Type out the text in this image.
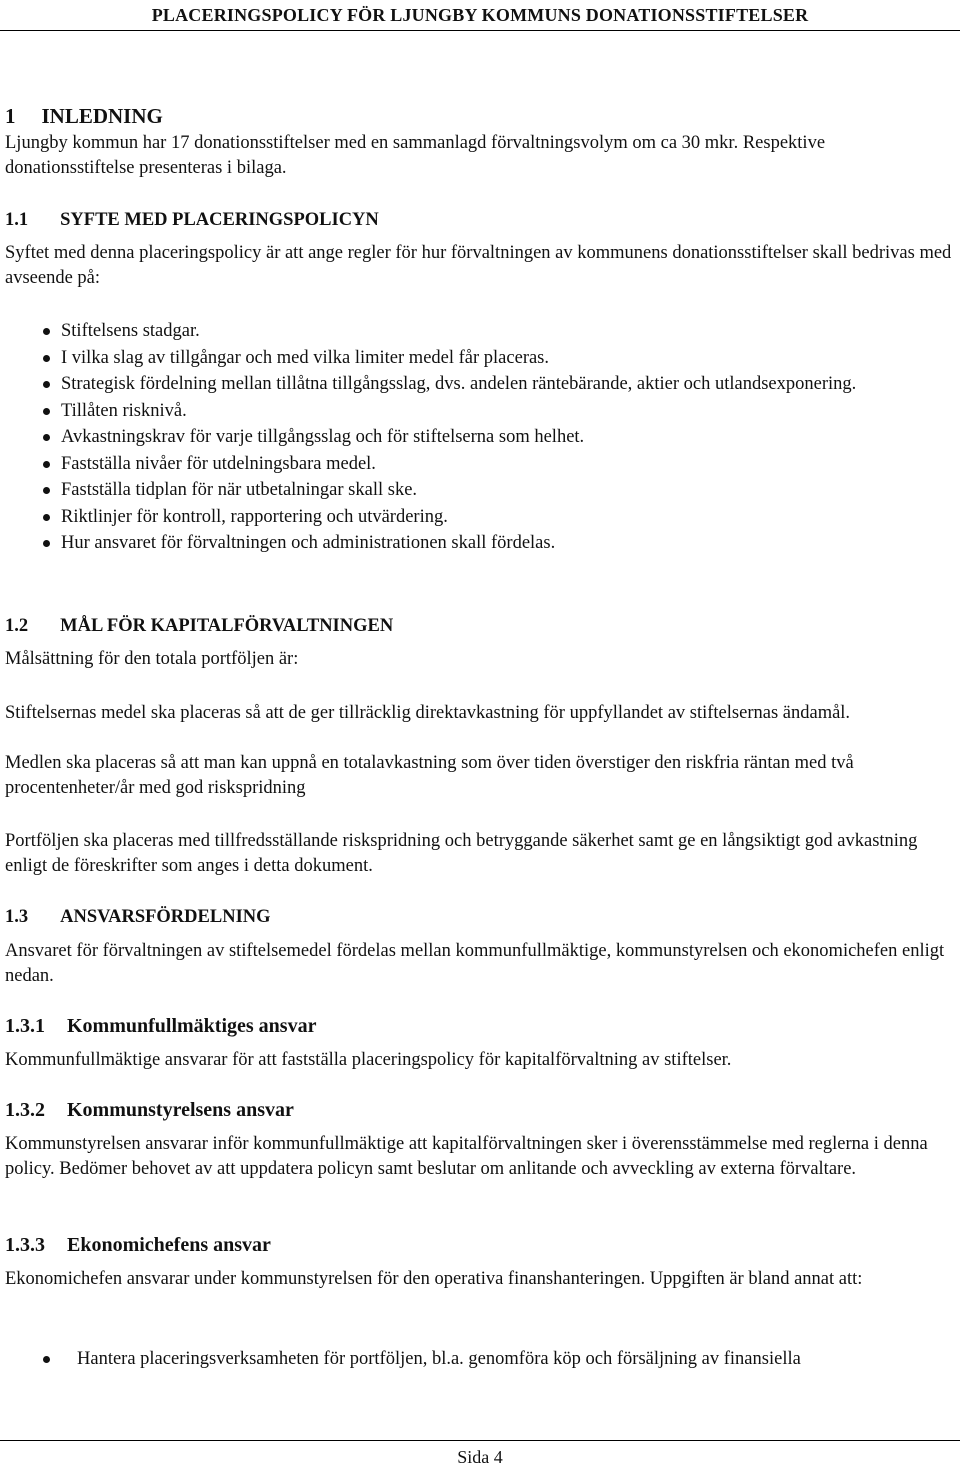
PLACERINGSPOLICY FÖR LJUNGBY KOMMUNS DONATIONSSTIFTELSER
1 INLEDNING

Ljungby kommun har 17 donationsstiftelser med en sammanlagd förvaltningsvolym om ca 30 mkr. Respektive donationsstiftelse presenteras i bilaga.

1.1 SYFTE MED PLACERINGSPOLICYN

Syftet med denna placeringspolicy är att ange regler för hur förvaltningen av kommunens donationsstiftelser skall bedrivas med avseende på:

Stiftelsens stadgar.
I vilka slag av tillgångar och med vilka limiter medel får placeras.
Strategisk fördelning mellan tillåtna tillgångsslag, dvs. andelen räntebärande, aktier och utlandsexponering.
Tillåten risknivå.
Avkastningskrav för varje tillgångsslag och för stiftelserna som helhet.
Fastställa nivåer för utdelningsbara medel.
Fastställa tidplan för när utbetalningar skall ske.
Riktlinjer för kontroll, rapportering och utvärdering.
Hur ansvaret för förvaltningen och administrationen skall fördelas.
1.2 MÅL FÖR KAPITALFÖRVALTNINGEN

Målsättning för den totala portföljen är:

Stiftelsernas medel ska placeras så att de ger tillräcklig direktavkastning för uppfyllandet av stiftelsernas ändamål.

Medlen ska placeras så att man kan uppnå en totalavkastning som över tiden överstiger den riskfria räntan med två procentenheter/år med god riskspridning

Portföljen ska placeras med tillfredsställande riskspridning och betryggande säkerhet samt ge en långsiktigt god avkastning enligt de föreskrifter som anges i detta dokument.

1.3 ANSVARSFÖRDELNING

Ansvaret för förvaltningen av stiftelsemedel fördelas mellan kommunfullmäktige, kommunstyrelsen och ekonomichefen enligt nedan.

1.3.1 Kommunfullmäktiges ansvar

Kommunfullmäktige ansvarar för att fastställa placeringspolicy för kapitalförvaltning av stiftelser.

1.3.2 Kommunstyrelsens ansvar

Kommunstyrelsen ansvarar inför kommunfullmäktige att kapitalförvaltningen sker i överensstämmelse med reglerna i denna policy. Bedömer behovet av att uppdatera policyn samt beslutar om anlitande och avveckling av externa förvaltare.

1.3.3 Ekonomichefens ansvar

Ekonomichefen ansvarar under kommunstyrelsen för den operativa finanshanteringen. Uppgiften är bland annat att:

Hantera placeringsverksamheten för portföljen, bl.a. genomföra köp och försäljning av finansiella
Sida 4
